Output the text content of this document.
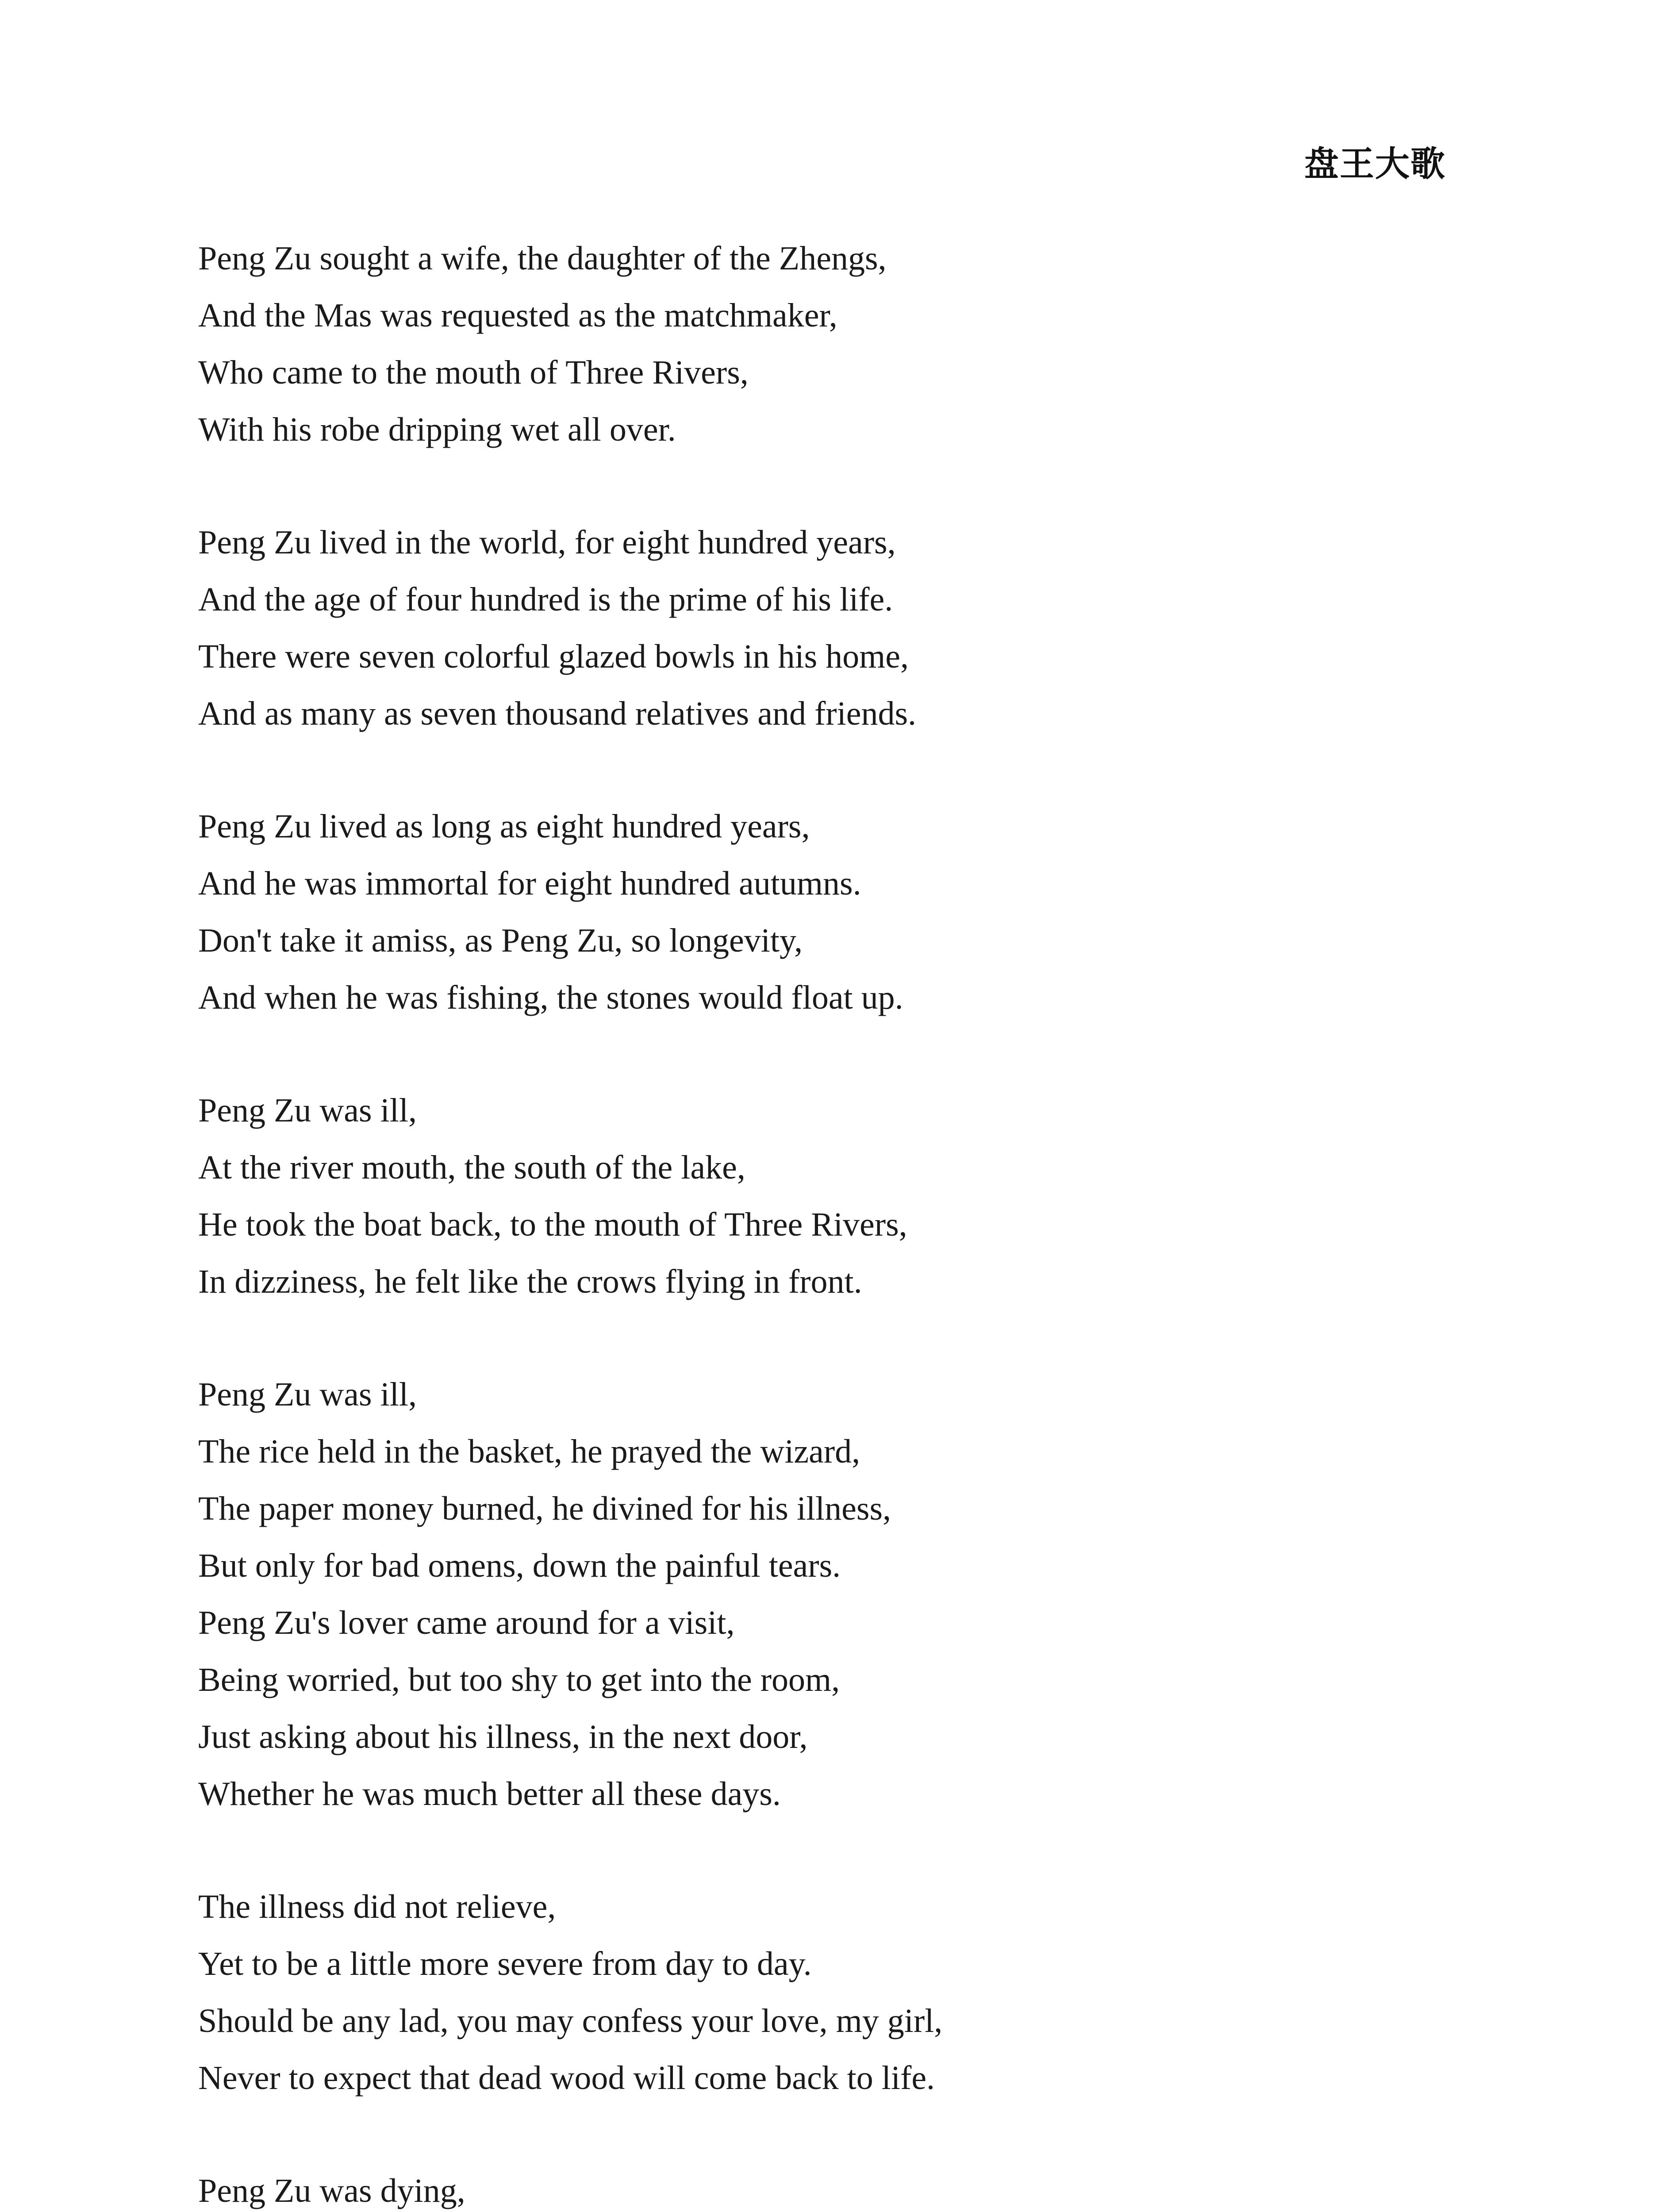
盘王大歌
Peng Zu sought a wife, the daughter of the Zhengs,
And the Mas was requested as the matchmaker,
Who came to the mouth of Three Rivers,
With his robe dripping wet all over.
Peng Zu lived in the world, for eight hundred years,
And the age of four hundred is the prime of his life.
There were seven colorful glazed bowls in his home,
And as many as seven thousand relatives and friends.
Peng Zu lived as long as eight hundred years,
And he was immortal for eight hundred autumns.
Don't take it amiss, as Peng Zu, so longevity,
And when he was fishing, the stones would float up.
Peng Zu was ill,
At the river mouth, the south of the lake,
He took the boat back, to the mouth of Three Rivers,
In dizziness, he felt like the crows flying in front.
Peng Zu was ill,
The rice held in the basket, he prayed the wizard,
The paper money burned, he divined for his illness,
But only for bad omens, down the painful tears.
Peng Zu's lover came around for a visit,
Being worried, but too shy to get into the room,
Just asking about his illness, in the next door,
Whether he was much better all these days.
The illness did not relieve,
Yet to be a little more severe from day to day.
Should be any lad, you may confess your love, my girl,
Never to expect that dead wood will come back to life.
Peng Zu was dying,
